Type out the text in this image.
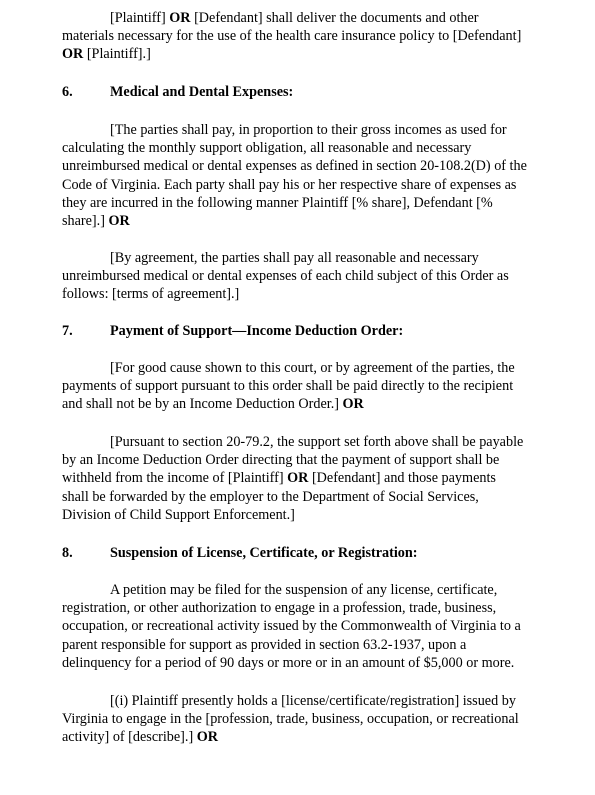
[Plaintiff] OR [Defendant] shall deliver the documents and other
materials necessary for the use of the health care insurance policy to [Defendant]
OR [Plaintiff].]

6.	Medical and Dental Expenses:

[The parties shall pay, in proportion to their gross incomes as used for
calculating the monthly support obligation, all reasonable and necessary
unreimbursed medical or dental expenses as defined in section 20-108.2(D) of the
Code of Virginia. Each party shall pay his or her respective share of expenses as
they are incurred in the following manner Plaintiff [% share], Defendant [%
share].] OR

[By agreement, the parties shall pay all reasonable and necessary
unreimbursed medical or dental expenses of each child subject of this Order as
follows: [terms of agreement].]

7.	Payment of Support—Income Deduction Order:

[For good cause shown to this court, or by agreement of the parties, the
payments of support pursuant to this order shall be paid directly to the recipient
and shall not be by an Income Deduction Order.] OR

[Pursuant to section 20-79.2, the support set forth above shall be payable
by an Income Deduction Order directing that the payment of support shall be
withheld from the income of [Plaintiff] OR [Defendant] and those payments
shall be forwarded by the employer to the Department of Social Services,
Division of Child Support Enforcement.]

8.	Suspension of License, Certificate, or Registration:

A petition may be filed for the suspension of any license, certificate,
registration, or other authorization to engage in a profession, trade, business,
occupation, or recreational activity issued by the Commonwealth of Virginia to a
parent responsible for support as provided in section 63.2-1937, upon a
delinquency for a period of 90 days or more or in an amount of $5,000 or more.

[(i) Plaintiff presently holds a [license/certificate/registration] issued by
Virginia to engage in the [profession, trade, business, occupation, or recreational
activity] of [describe].] OR
